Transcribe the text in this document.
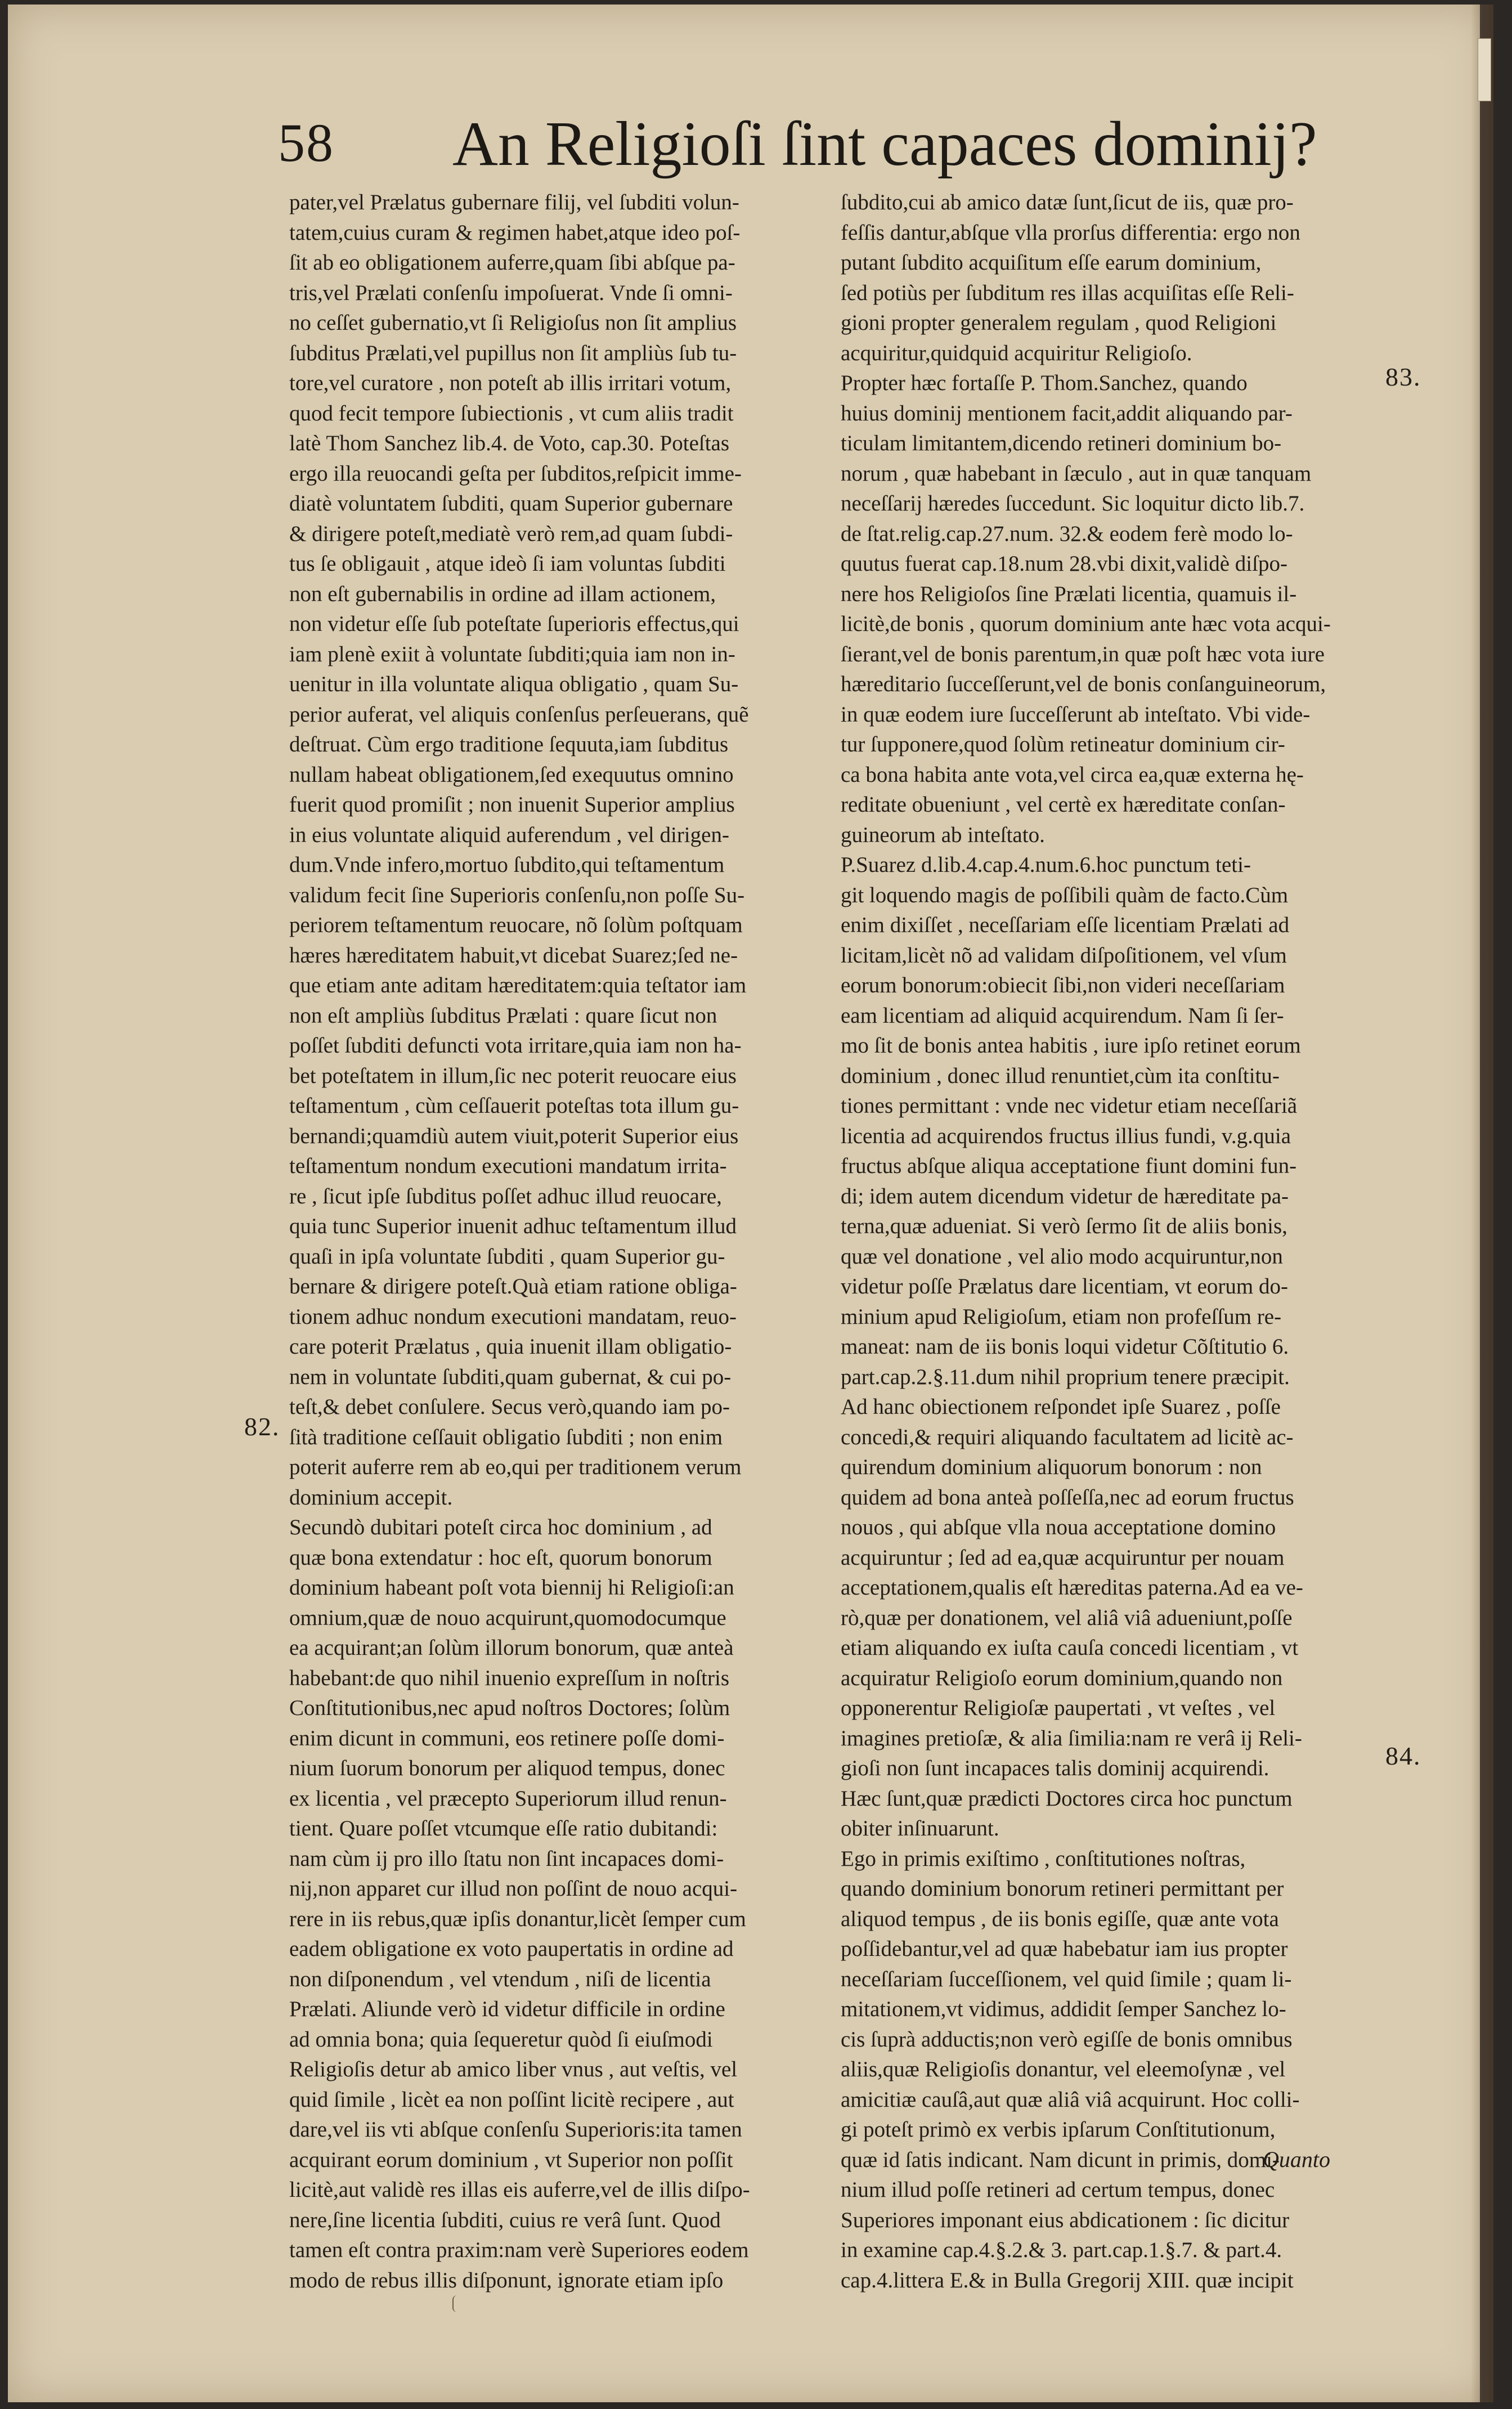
58 An Religioſi ſint capaces dominij?
pater,vel Prælatus gubernare filij, vel ſubditi volun-
tatem,cuius curam & regimen habet,atque ideo poſ-
ſit ab eo obligationem auferre,quam ſibi abſque pa-
tris,vel Prælati conſenſu impoſuerat. Vnde ſi omni-
no ceſſet gubernatio,vt ſi Religioſus non ſit amplius
ſubditus Prælati,vel pupillus non ſit ampliùs ſub tu-
tore,vel curatore , non poteſt ab illis irritari votum,
quod fecit tempore ſubiectionis , vt cum aliis tradit
latè Thom Sanchez lib.4. de Voto, cap.30. Poteſtas
ergo illa reuocandi geſta per ſubditos,reſpicit imme-
diatè voluntatem ſubditi, quam Superior gubernare
& dirigere poteſt,mediatè verò rem,ad quam ſubdi-
tus ſe obligauit , atque ideò ſi iam voluntas ſubditi
non eſt gubernabilis in ordine ad illam actionem,
non videtur eſſe ſub poteſtate ſuperioris effectus,qui
iam plenè exiit à voluntate ſubditi;quia iam non in-
uenitur in illa voluntate aliqua obligatio , quam Su-
perior auferat, vel aliquis conſenſus perſeuerans, quẽ
deſtruat. Cùm ergo traditione ſequuta,iam ſubditus
nullam habeat obligationem,ſed exequutus omnino
fuerit quod promiſit ; non inuenit Superior amplius
in eius voluntate aliquid auferendum , vel dirigen-
dum.Vnde infero,mortuo ſubdito,qui teſtamentum
validum fecit ſine Superioris conſenſu,non poſſe Su-
periorem teſtamentum reuocare, nõ ſolùm poſtquam
hæres hæreditatem habuit,vt dicebat Suarez;ſed ne-
que etiam ante aditam hæreditatem:quia teſtator iam
non eſt ampliùs ſubditus Prælati : quare ſicut non
poſſet ſubditi defuncti vota irritare,quia iam non ha-
bet poteſtatem in illum,ſic nec poterit reuocare eius
teſtamentum , cùm ceſſauerit poteſtas tota illum gu-
bernandi;quamdiù autem viuit,poterit Superior eius
teſtamentum nondum executioni mandatum irrita-
re , ſicut ipſe ſubditus poſſet adhuc illud reuocare,
quia tunc Superior inuenit adhuc teſtamentum illud
quaſi in ipſa voluntate ſubditi , quam Superior gu-
bernare & dirigere poteſt.Quà etiam ratione obliga-
tionem adhuc nondum executioni mandatam, reuo-
care poterit Prælatus , quia inuenit illam obligatio-
nem in voluntate ſubditi,quam gubernat, & cui po-
teſt,& debet conſulere. Secus verò,quando iam po-
ſità traditione ceſſauit obligatio ſubditi ; non enim
poterit auferre rem ab eo,qui per traditionem verum
dominium accepit.
Secundò dubitari poteſt circa hoc dominium , ad
quæ bona extendatur : hoc eſt, quorum bonorum
dominium habeant poſt vota biennij hi Religioſi:an
omnium,quæ de nouo acquirunt,quomodocumque
ea acquirant;an ſolùm illorum bonorum, quæ anteà
habebant:de quo nihil inuenio expreſſum in noſtris
Conſtitutionibus,nec apud noſtros Doctores; ſolùm
enim dicunt in communi, eos retinere poſſe domi-
nium ſuorum bonorum per aliquod tempus, donec
ex licentia , vel præcepto Superiorum illud renun-
tient. Quare poſſet vtcumque eſſe ratio dubitandi:
nam cùm ij pro illo ſtatu non ſint incapaces domi-
nij,non apparet cur illud non poſſint de nouo acqui-
rere in iis rebus,quæ ipſis donantur,licèt ſemper cum
eadem obligatione ex voto paupertatis in ordine ad
non diſponendum , vel vtendum , niſi de licentia
Prælati. Aliunde verò id videtur difficile in ordine
ad omnia bona; quia ſequeretur quòd ſi eiuſmodi
Religioſis detur ab amico liber vnus , aut veſtis, vel
quid ſimile , licèt ea non poſſint licitè recipere , aut
dare,vel iis vti abſque conſenſu Superioris:ita tamen
acquirant eorum dominium , vt Superior non poſſit
licitè,aut validè res illas eis auferre,vel de illis diſpo-
nere,ſine licentia ſubditi, cuius re verâ ſunt. Quod
tamen eſt contra praxim:nam verè Superiores eodem
modo de rebus illis diſponunt, ignorate etiam ipſo
ſubdito,cui ab amico datæ ſunt,ſicut de iis, quæ pro-
feſſis dantur,abſque vlla prorſus differentia: ergo non
putant ſubdito acquiſitum eſſe earum dominium,
ſed potiùs per ſubditum res illas acquiſitas eſſe Reli-
gioni propter generalem regulam , quod Religioni
acquiritur,quidquid acquiritur Religioſo.
Propter hæc fortaſſe P. Thom.Sanchez, quando
huius dominij mentionem facit,addit aliquando par-
ticulam limitantem,dicendo retineri dominium bo-
norum , quæ habebant in ſæculo , aut in quæ tanquam
neceſſarij hæredes ſuccedunt. Sic loquitur dicto lib.7.
de ſtat.relig.cap.27.num. 32.& eodem ferè modo lo-
quutus fuerat cap.18.num 28.vbi dixit,validè diſpo-
nere hos Religioſos ſine Prælati licentia, quamuis il-
licitè,de bonis , quorum dominium ante hæc vota acqui-
ſierant,vel de bonis parentum,in quæ poſt hæc vota iure
hæreditario ſucceſſerunt,vel de bonis conſanguineorum,
in quæ eodem iure ſucceſſerunt ab inteſtato. Vbi vide-
tur ſupponere,quod ſolùm retineatur dominium cir-
ca bona habita ante vota,vel circa ea,quæ externa hę-
reditate obueniunt , vel certè ex hæreditate conſan-
guineorum ab inteſtato.
P.Suarez d.lib.4.cap.4.num.6.hoc punctum teti-
git loquendo magis de poſſibili quàm de facto.Cùm
enim dixiſſet , neceſſariam eſſe licentiam Prælati ad
licitam,licèt nõ ad validam diſpoſitionem, vel vſum
eorum bonorum:obiecit ſibi,non videri neceſſariam
eam licentiam ad aliquid acquirendum. Nam ſi ſer-
mo ſit de bonis antea habitis , iure ipſo retinet eorum
dominium , donec illud renuntiet,cùm ita conſtitu-
tiones permittant : vnde nec videtur etiam neceſſariã
licentia ad acquirendos fructus illius fundi, v.g.quia
fructus abſque aliqua acceptatione fiunt domini fun-
di; idem autem dicendum videtur de hæreditate pa-
terna,quæ adueniat. Si verò ſermo ſit de aliis bonis,
quæ vel donatione , vel alio modo acquiruntur,non
videtur poſſe Prælatus dare licentiam, vt eorum do-
minium apud Religioſum, etiam non profeſſum re-
maneat: nam de iis bonis loqui videtur Cõſtitutio 6.
part.cap.2.§.11.dum nihil proprium tenere præcipit.
Ad hanc obiectionem reſpondet ipſe Suarez , poſſe
concedi,& requiri aliquando facultatem ad licitè ac-
quirendum dominium aliquorum bonorum : non
quidem ad bona anteà poſſeſſa,nec ad eorum fructus
nouos , qui abſque vlla noua acceptatione domino
acquiruntur ; ſed ad ea,quæ acquiruntur per nouam
acceptationem,qualis eſt hæreditas paterna.Ad ea ve-
rò,quæ per donationem, vel aliâ viâ adueniunt,poſſe
etiam aliquando ex iuſta cauſa concedi licentiam , vt
acquiratur Religioſo eorum dominium,quando non
opponerentur Religioſæ paupertati , vt veſtes , vel
imagines pretioſæ, & alia ſimilia:nam re verâ ij Reli-
gioſi non ſunt incapaces talis dominij acquirendi.
Hæc ſunt,quæ prædicti Doctores circa hoc punctum
obiter inſinuarunt.
Ego in primis exiſtimo , conſtitutiones noſtras,
quando dominium bonorum retineri permittant per
aliquod tempus , de iis bonis egiſſe, quæ ante vota
poſſidebantur,vel ad quæ habebatur iam ius propter
neceſſariam ſucceſſionem, vel quid ſimile ; quam li-
mitationem,vt vidimus, addidit ſemper Sanchez lo-
cis ſuprà adductis;non verò egiſſe de bonis omnibus
aliis,quæ Religioſis donantur, vel eleemoſynæ , vel
amicitiæ cauſâ,aut quæ aliâ viâ acquirunt. Hoc colli-
gi poteſt primò ex verbis ipſarum Conſtitutionum,
quæ id ſatis indicant. Nam dicunt in primis, domi-
nium illud poſſe retineri ad certum tempus, donec
Superiores imponant eius abdicationem : ſic dicitur
in examine cap.4.§.2.& 3. part.cap.1.§.7. & part.4.
cap.4.littera E.& in Bulla Gregorij XIII. quæ incipit
82.
83.
84.
Quanto
